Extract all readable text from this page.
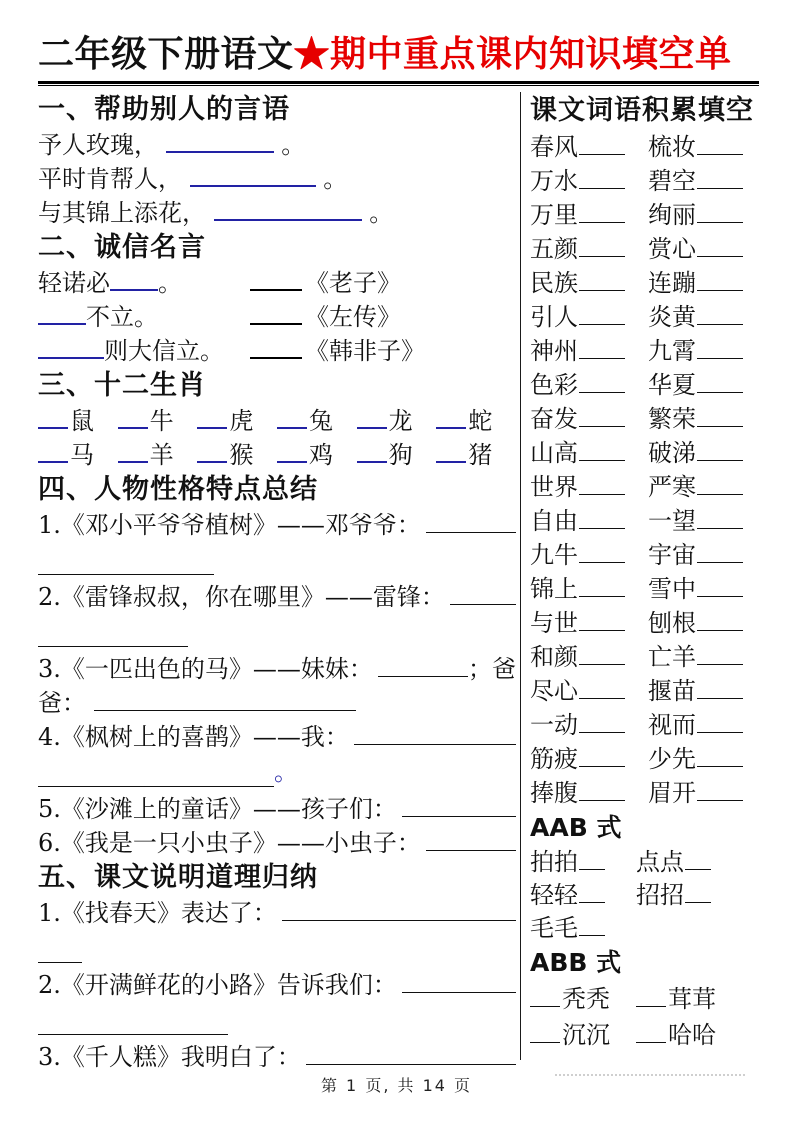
二年级下册语文★期中重点课内知识填空单
一、帮助别人的言语
予人玫瑰，	。
平时肯帮人，	。
与其锦上添花，	。
二、诚信名言
轻诺必 。	《老子》
不立。	《左传》
则大信立。	《韩非子》
三、十二生肖
鼠	牛	虎	兔	龙	蛇
马	羊	猴	鸡	狗	猪
四、人物性格特点总结
1.《邓小平爷爷植树》——邓爷爷：
2.《雷锋叔叔，你在哪里》——雷锋：
3.《一匹出色的马》——妹妹：	；爸
爸：
4.《枫树上的喜鹊》——我：
。
5.《沙滩上的童话》——孩子们：
6.《我是一只小虫子》——小虫子：
五、课文说明道理归纳
1.《找春天》表达了：
2.《开满鲜花的小路》告诉我们：
3.《千人糕》我明白了：
课文词语积累填空
春风	梳妆
万水	碧空
万里	绚丽
五颜	赏心
民族	连蹦
引人	炎黄
神州	九霄
色彩	华夏
奋发	繁荣
山高	破涕
世界	严寒
自由	一望
九牛	宇宙
锦上	雪中
与世	刨根
和颜	亡羊
尽心	揠苗
一动	视而
筋疲	少先
捧腹	眉开
AAB 式
拍拍	点点
轻轻	招招
毛毛
ABB 式
秃秃	茸茸
沉沉	哈哈
第 1 页, 共 14 页
